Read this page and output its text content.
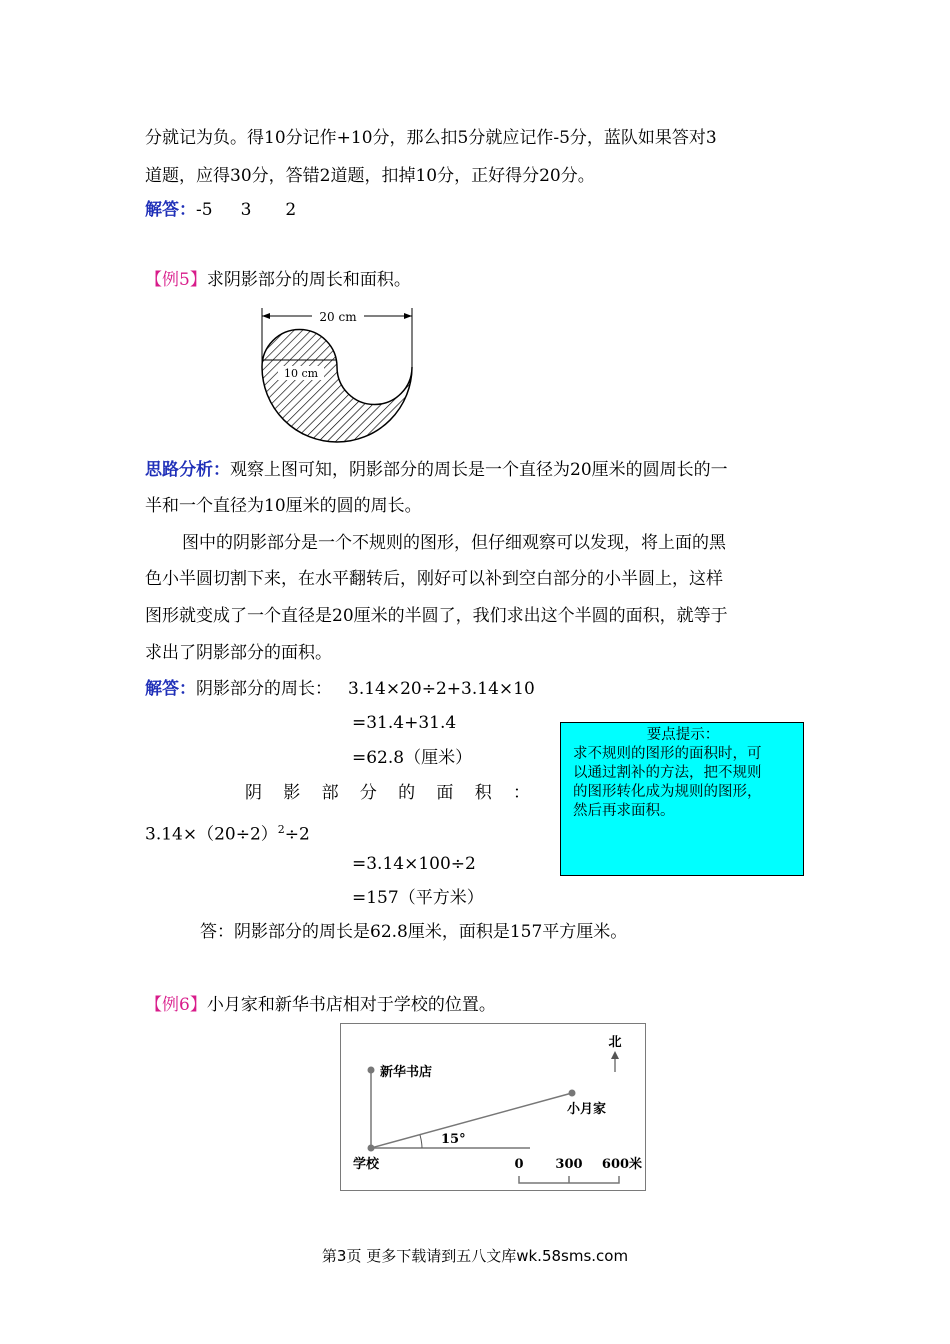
分就记为负。得10分记作+10分，那么扣5分就应记作-5分，蓝队如果答对3
道题，应得30分，答错2道题，扣掉10分，正好得分20分。
解答：-5 3 2
【例5】求阴影部分的周长和面积。
20 cm
10 cm
思路分析：观察上图可知，阴影部分的周长是一个直径为20厘米的圆周长的一
半和一个直径为10厘米的圆的周长。
图中的阴影部分是一个不规则的图形，但仔细观察可以发现，将上面的黑
色小半圆切割下来，在水平翻转后，刚好可以补到空白部分的小半圆上，这样
图形就变成了一个直径是20厘米的半圆了，我们求出这个半圆的面积，就等于
求出了阴影部分的面积。
解答：阴影部分的周长： 3.14×20÷2+3.14×10
=31.4+31.4
=62.8（厘米）
阴 影 部 分 的 面 积 ：
$3.14\times(20\div 2)^2\div 2$
=3.14×100÷2
=157（平方米）
答：阴影部分的周长是62.8厘米，面积是157平方厘米。
要点提示：
求不规则的图形的面积时，可
以通过割补的方法，把不规则
的图形转化成为规则的图形，
然后再求面积。
【例6】小月家和新华书店相对于学校的位置。
北
新华书店
小月家
15°
学校	0 300 600米
第3页 更多下载请到五八文库wk.58sms.com
